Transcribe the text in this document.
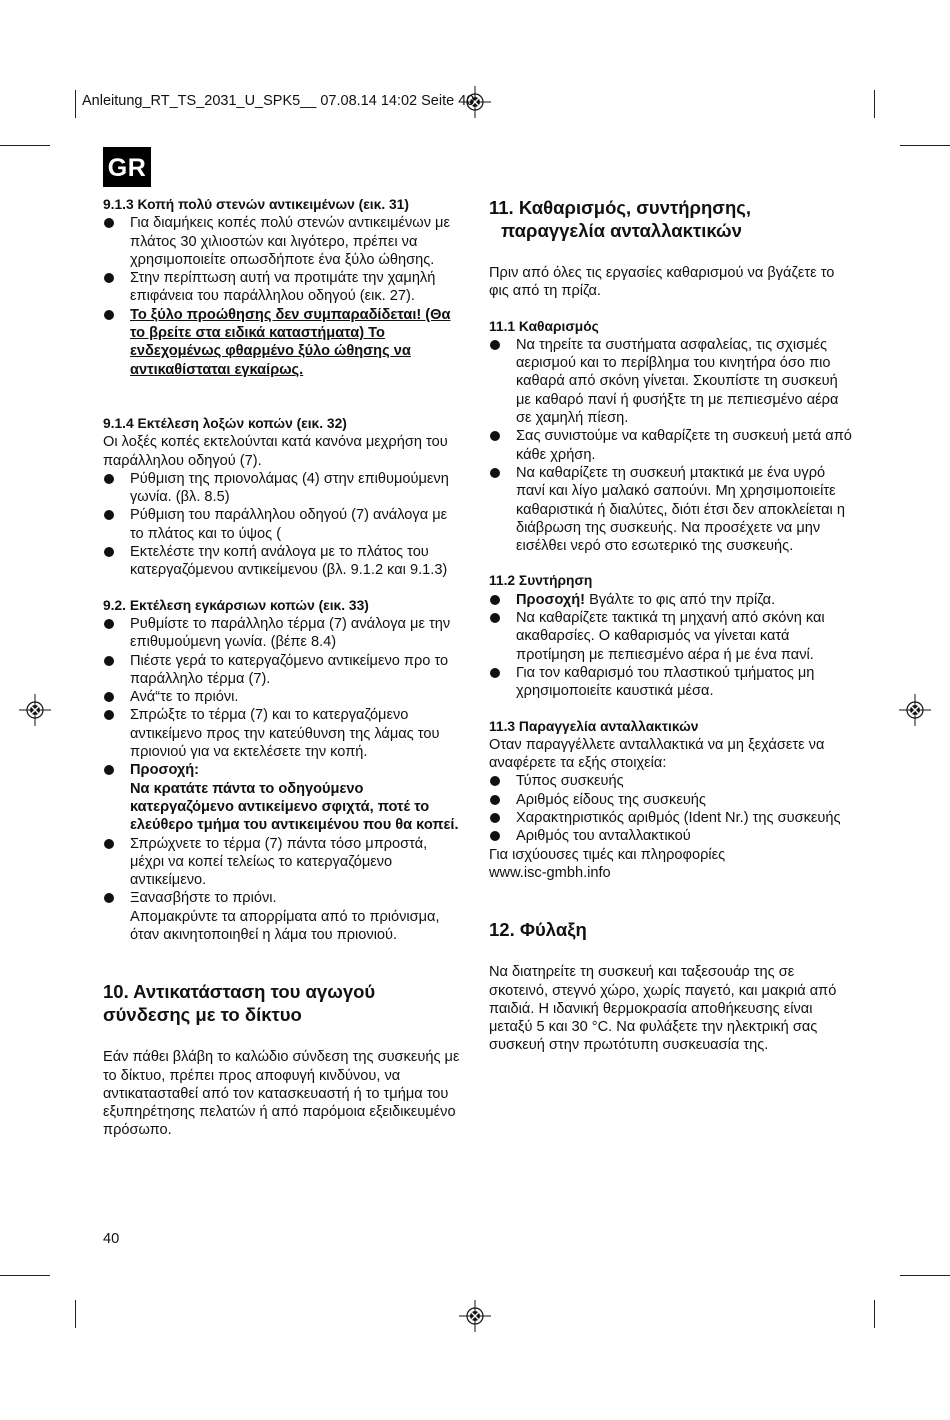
Anleitung_RT_TS_2031_U_SPK5__ 07.08.14 14:02 Seite 40
GR

9.1.3 Κοπή πολύ στενών αντικειμένων (εικ. 31)

Για διαμήκεις κοπές πολύ στενών αντικειμένων με πλάτος 30 χιλιοστών και λιγότερο, πρέπει να χρησιμοποιείτε οπωσδήποτε ένα ξύλο ώθησης.
Στην περίπτωση αυτή να προτιμάτε την χαμηλή επιφάνεια του παράλληλου οδηγού (εικ. 27).
Το ξύλο προώθησης δεν συμπαραδίδεται! (Θα το βρείτε στα ειδικά καταστήματα) Το ενδεχομένως φθαρμένο ξύλο ώθησης να αντικαθίσταται εγκαίρως.

9.1.4 Εκτέλεση λοξών κοπών (εικ. 32)

Οι λοξές κοπές εκτελούνται κατά κανόνα μεχρήση του παράλληλου οδηγού (7).

Ρύθμιση της πριονολάμας (4) στην επιθυμούμενη γωνία. (βλ. 8.5)
Ρύθμιση του παράλληλου οδηγού (7) ανάλογα με το πλάτος και το ύψος (
Εκτελέστε την κοπή ανάλογα με το πλάτος του κατεργαζόμενου αντικείμενου (βλ. 9.1.2 και 9.1.3)

9.2. Εκτέλεση εγκάρσιων κοπών (εικ. 33)

Ρυθμίστε το παράλληλο τέρμα (7) ανάλογα με την επιθυμούμενη γωνία. (βέπε 8.4)
Πιέστε γερά το κατεργαζόμενο αντικείμενο προ το παράλληλο τέρμα (7).
Ανά“τε το πριόνι.
Σπρώξτε το τέρμα (7) και το κατεργαζόμενο αντικείμενο προς την κατεύθυνση της λάμας του πριονιού για να εκτελέσετε την κοπή.
Προσοχή:
Να κρατάτε πάντα το οδηγούμενο κατεργαζόμενο αντικείμενο σφιχτά, ποτέ το ελεύθερο τμήμα του αντικειμένου που θα κοπεί.
Σπρώχνετε το τέρμα (7) πάντα τόσο μπροστά, μέχρι να κοπεί τελείως το κατεργαζόμενο αντικείμενο.
Ξανασβήστε το πριόνι.
Απομακρύντε τα απορρίματα από το πριόνισμα, όταν ακινητοποιηθεί η λάμα του πριονιού.

10. Αντικατάσταση του αγωγού
σύνδεσης με το δίκτυο

Εάν πάθει βλάβη το καλώδιο σύνδεση της συσκευής με το δίκτυο, πρέπει προς αποφυγή κινδύνου, να αντικατασταθεί από τον κατασκευαστή ή το τμήμα του εξυπηρέτησης πελατών ή από παρόμοια εξειδικευμένο πρόσωπο.

11. Καθαρισμός, συντήρησης,
παραγγελία ανταλλακτικών

Πριν από όλες τις εργασίες καθαρισμού να βγάζετε το φις από τη πρίζα.

11.1 Καθαρισμός

Να τηρείτε τα συστήματα ασφαλείας, τις σχισμές αερισμού και το περίβλημα του κινητήρα όσο πιο καθαρά από σκόνη γίνεται. Σκουπίστε τη συσκευή με καθαρό πανί ή φυσήξτε τη με πεπιεσμένο αέρα σε χαμηλή πίεση.
Σας συνιστούμε να καθαρίζετε τη συσκευή μετά από κάθε χρήση.
Να καθαρίζετε τη συσκευή μτακτικά με ένα υγρό πανί και λίγο μαλακό σαπούνι. Μη χρησιμοποιείτε καθαριστικά ή διαλύτες, διότι έτσι δεν αποκλείεται η διάβρωση της συσκευής. Να προσέχετε να μην εισέλθει νερό στο εσωτερικό της συσκευής.

11.2 Συντήρηση

Προσοχή! Βγάλτε το φις από την πρίζα.
Να καθαρίζετε τακτικά τη μηχανή από σκόνη και ακαθαρσίες. Ο καθαρισμός να γίνεται κατά προτίμηση με πεπιεσμένο αέρα ή με ένα πανί.
Για τον καθαρισμό του πλαστικού τμήματος μη χρησιμοποιείτε καυστικά μέσα.

11.3 Παραγγελία ανταλλακτικών

Οταν παραγγέλλετε ανταλλακτικά να μη ξεχάσετε να αναφέρετε τα εξής στοιχεία:

Τύπος συσκευής
Αριθμός είδους της συσκευής
Χαρακτηριστικός αριθμός (Ident Nr.) της συσκευής
Αριθμός του ανταλλακτικού

Για ισχύουσες τιμές και πληροφορίες

www.isc-gmbh.info

12. Φύλαξη

Να διατηρείτε τη συσκευή και ταξεσουάρ της σε σκοτεινό, στεγνό χώρο, χωρίς παγετό, και μακριά από παιδιά. Η ιδανική θερμοκρασία αποθήκευσης είναι μεταξύ 5 και 30 °C. Να φυλάξετε την ηλεκτρική σας συσκευή στην πρωτότυπη συσκευασία της.

40
